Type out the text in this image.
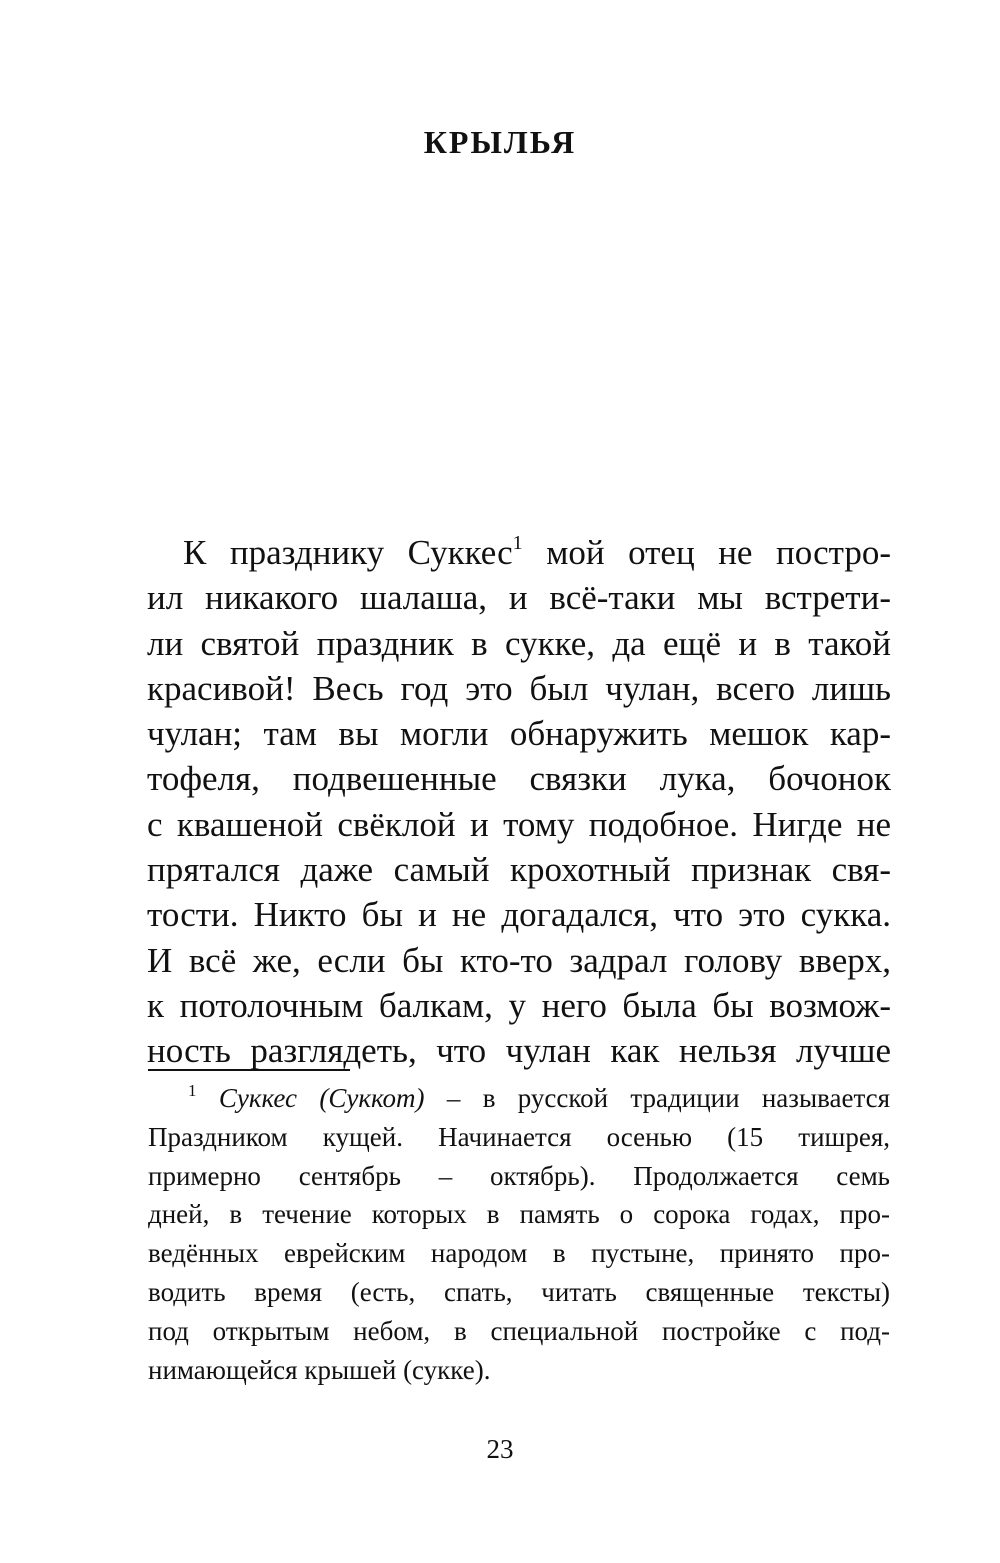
КРЫЛЬЯ
К празднику Суккес$^1$ мой отец не постро-
ил никакого шалаша, и всё-таки мы встрети-
ли святой праздник в сукке, да ещё и в такой
красивой! Весь год это был чулан, всего лишь
чулан; там вы могли обнаружить мешок кар-
тофеля, подвешенные связки лука, бочонок
с квашеной свёклой и тому подобное. Нигде не
прятался даже самый крохотный признак свя-
тости. Никто бы и не догадался, что это сукка.
И всё же, если бы кто-то задрал голову вверх,
к потолочным балкам, у него была бы возмож-
ность разглядеть, что чулан как нельзя лучше
$^1$ Суккес (Суккот) – в русской традиции называется
Праздником кущей. Начинается осенью (15 тишрея,
примерно сентябрь – октябрь). Продолжается семь
дней, в течение которых в память о сорока годах, про-
ведённых еврейским народом в пустыне, принято про-
водить время (есть, спать, читать священные тексты)
под открытым небом, в специальной постройке с под-
нимающейся крышей (сукке).
23
